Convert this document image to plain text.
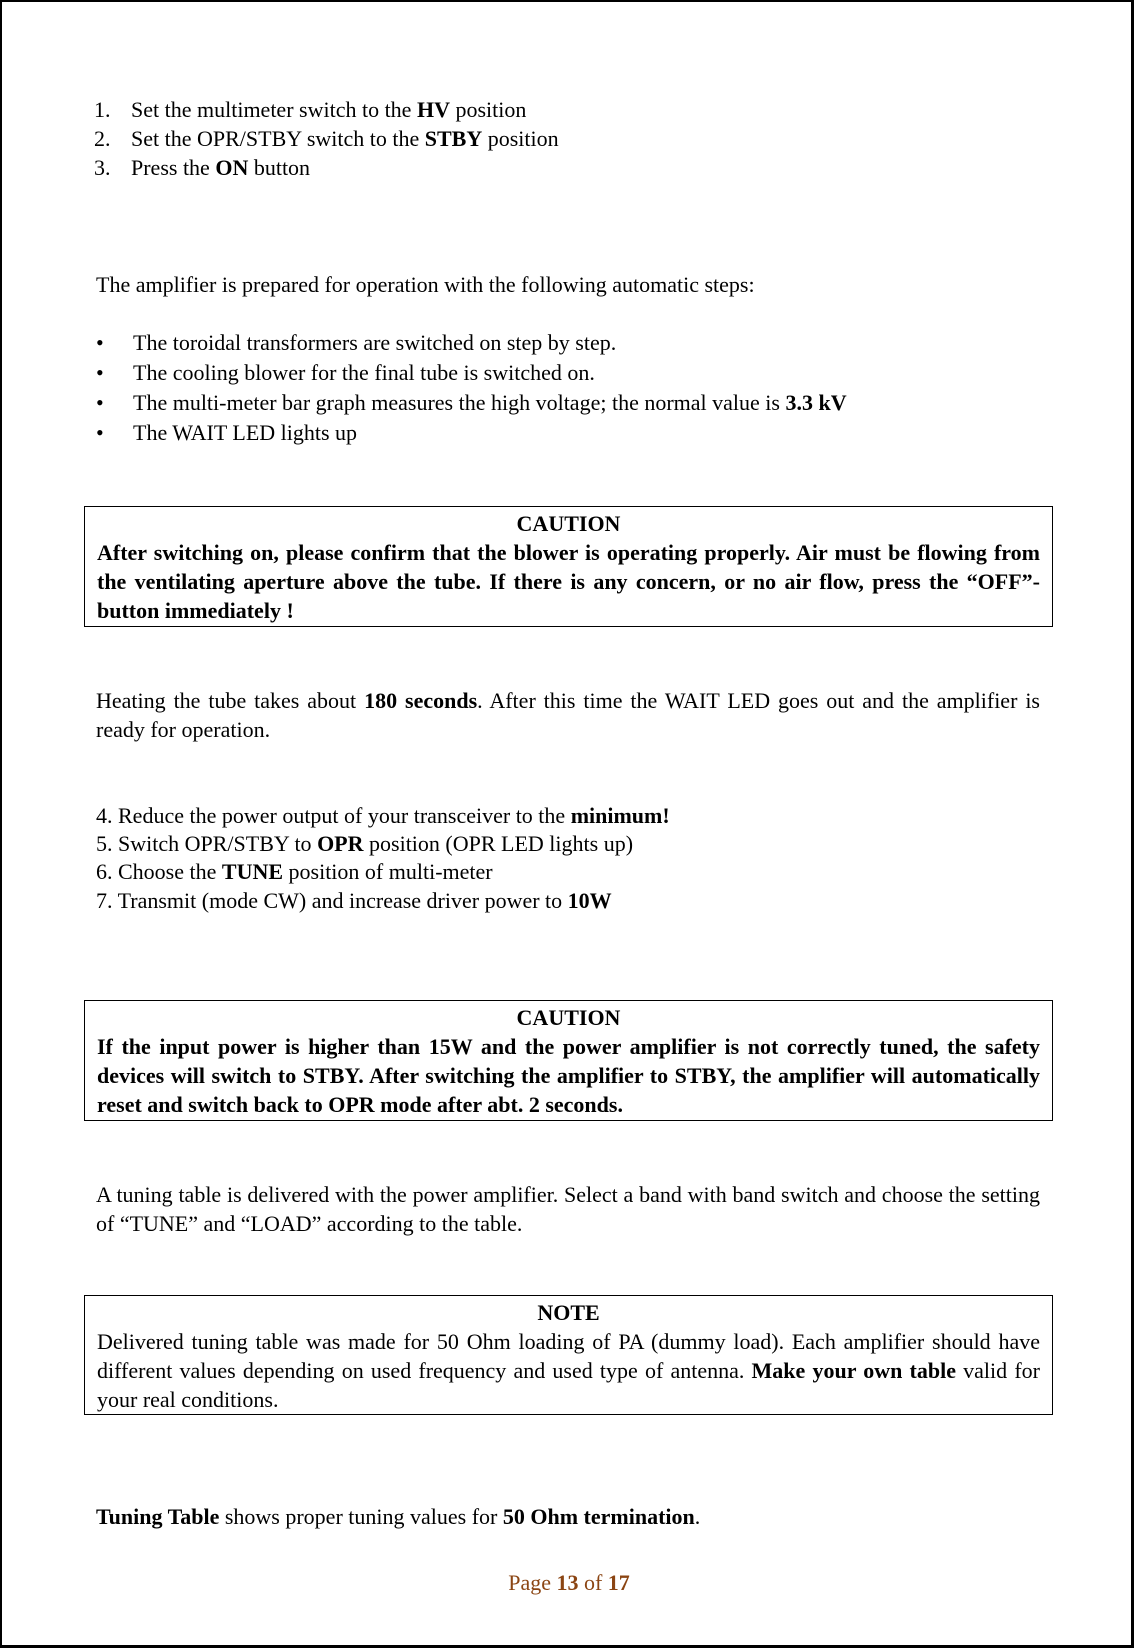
1. Set the multimeter switch to the HV position
2. Set the OPR/STBY switch to the STBY position
3. Press the ON button
The amplifier is prepared for operation with the following automatic steps:
• The toroidal transformers are switched on step by step.
• The cooling blower for the final tube is switched on.
• The multi-meter bar graph measures the high voltage; the normal value is 3.3 kV
• The WAIT LED lights up
CAUTION
After switching on, please confirm that the blower is operating properly. Air must be flowing from the ventilating aperture above the tube. If there is any concern, or no air flow, press the “OFF”-button immediately !
Heating the tube takes about 180 seconds. After this time the WAIT LED goes out and the amplifier is ready for operation.
4. Reduce the power output of your transceiver to the minimum!
5. Switch OPR/STBY to OPR position (OPR LED lights up)
6. Choose the TUNE position of multi-meter
7. Transmit (mode CW) and increase driver power to 10W
CAUTION
If the input power is higher than 15W and the power amplifier is not correctly tuned, the safety devices will switch to STBY. After switching the amplifier to STBY, the amplifier will automatically reset and switch back to OPR mode after abt. 2 seconds.
A tuning table is delivered with the power amplifier. Select a band with band switch and choose the setting of “TUNE” and “LOAD” according to the table.
NOTE
Delivered tuning table was made for 50 Ohm loading of PA (dummy load). Each amplifier should have different values depending on used frequency and used type of antenna. Make your own table valid for your real conditions.
Tuning Table shows proper tuning values for 50 Ohm termination.
Page 13 of 17
